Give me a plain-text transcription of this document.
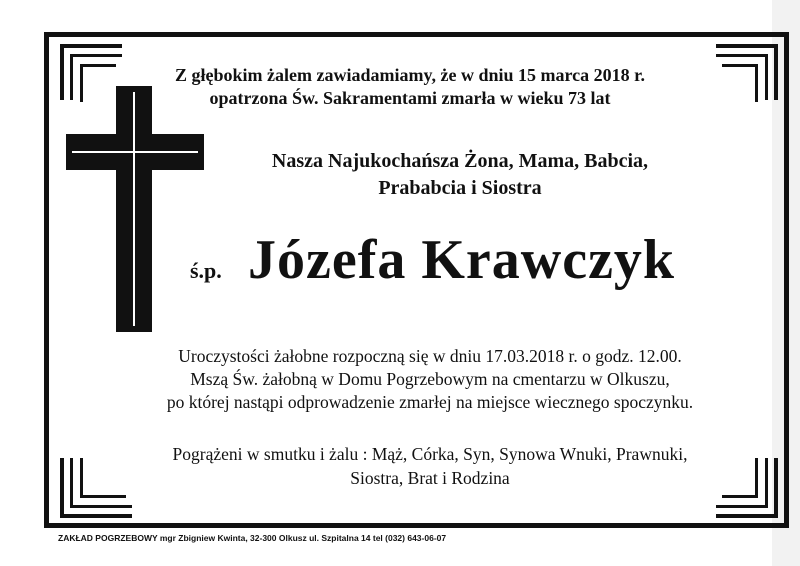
Z głębokim żalem zawiadamiamy, że w dniu 15 marca 2018 r.
opatrzona Św. Sakramentami zmarła w wieku 73 lat
Nasza Najukochańsza Żona, Mama, Babcia,
Prababcia i Siostra
ś.p. Józefa Krawczyk
Uroczystości żałobne rozpoczną się w dniu 17.03.2018 r. o godz. 12.00.
Mszą Św. żałobną w Domu Pogrzebowym na cmentarzu w Olkuszu,
po której nastąpi odprowadzenie zmarłej na miejsce wiecznego spoczynku.
Pogrążeni w smutku i żalu : Mąż, Córka, Syn, Synowa Wnuki, Prawnuki,
Siostra, Brat i Rodzina
ZAKŁAD POGRZEBOWY mgr Zbigniew Kwinta, 32-300 Olkusz ul. Szpitalna 14 tel (032) 643-06-07
